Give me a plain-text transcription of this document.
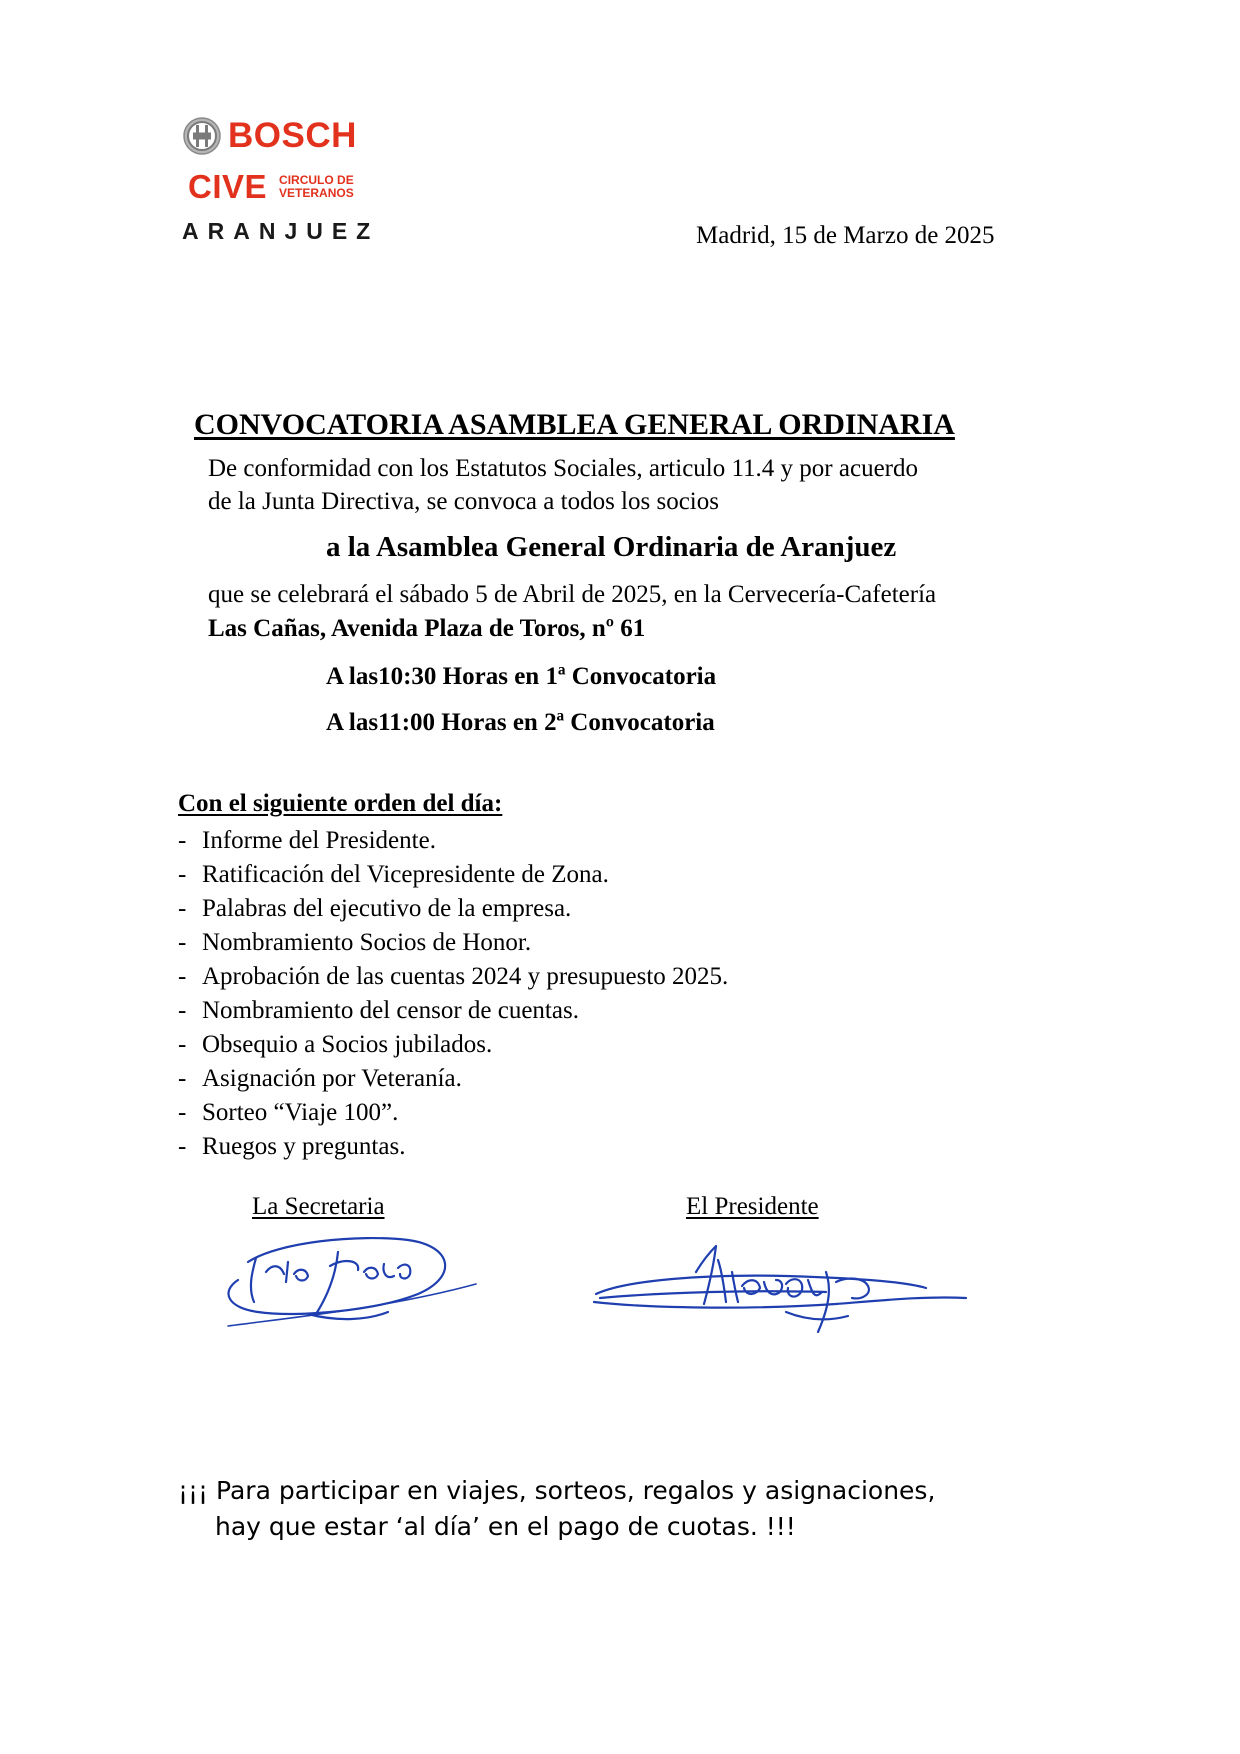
BOSCH
CIVE CIRCULO DE
VETERANOS
ARANJUEZ	Madrid, 15 de Marzo de 2025
CONVOCATORIA ASAMBLEA GENERAL ORDINARIA
De conformidad con los Estatutos Sociales, articulo 11.4 y por acuerdo
de la Junta Directiva, se convoca a todos los socios
a la Asamblea General Ordinaria de Aranjuez
que se celebrará el sábado 5 de Abril de 2025, en la Cervecería-Cafetería
Las Cañas, Avenida Plaza de Toros, nº 61
A las10:30 Horas en 1ª Convocatoria
A las11:00 Horas en 2ª Convocatoria
Con el siguiente orden del día:
- Informe del Presidente.
- Ratificación del Vicepresidente de Zona.
- Palabras del ejecutivo de la empresa.
- Nombramiento Socios de Honor.
- Aprobación de las cuentas 2024 y presupuesto 2025.
- Nombramiento del censor de cuentas.
- Obsequio a Socios jubilados.
- Asignación por Veteranía.
- Sorteo “Viaje 100”.
- Ruegos y preguntas.
La Secretaria	El Presidente
¡¡¡ Para participar en viajes, sorteos, regalos y asignaciones,
hay que estar ‘al día’ en el pago de cuotas. !!!
